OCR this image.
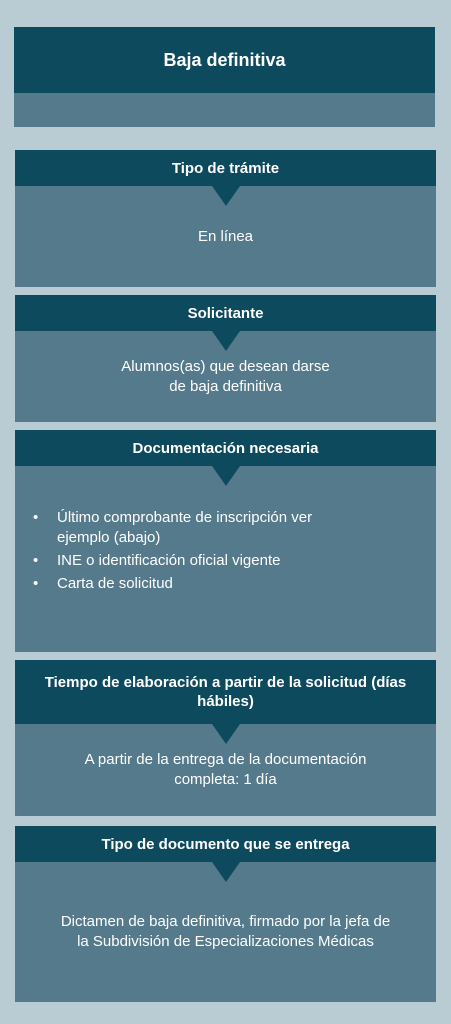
Baja definitiva
Tipo de trámite

En línea

Solicitante

Alumnos(as) que desean darse
de baja definitiva

Documentación necesaria
• Último comprobante de inscripción ver ejemplo (abajo)
• INE o identificación oficial vigente
• Carta de solicitud
Tiempo de elaboración a partir de la solicitud (días hábiles)

A partir de la entrega de la documentación
completa: 1 día

Tipo de documento que se entrega

Dictamen de baja definitiva, firmado por la jefa de
la Subdivisión de Especializaciones Médicas
